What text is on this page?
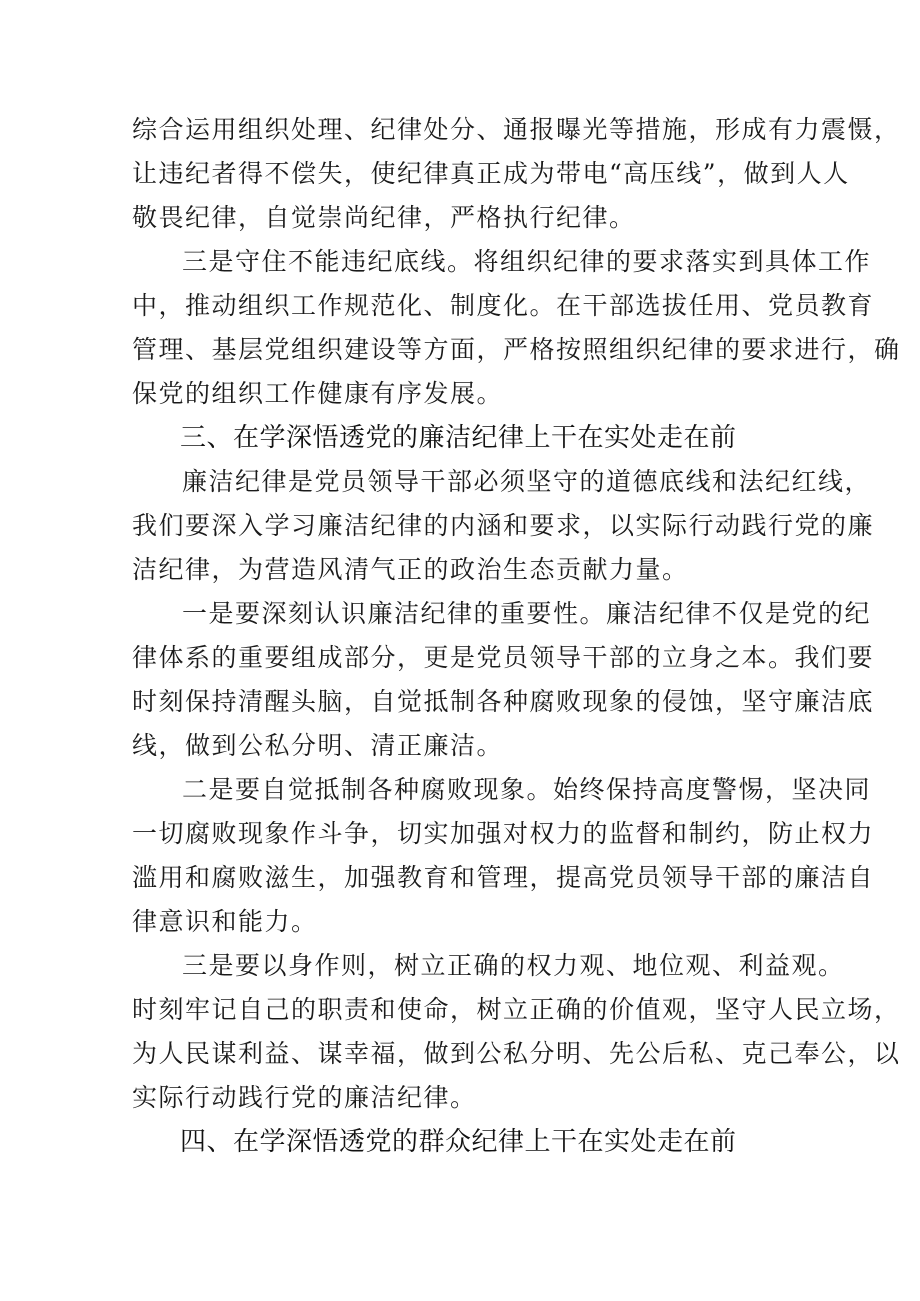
综合运用组织处理、纪律处分、通报曝光等措施，形成有力震慑，
让违纪者得不偿失，使纪律真正成为带电“高压线”，做到人人
敬畏纪律，自觉崇尚纪律，严格执行纪律。
三是守住不能违纪底线。将组织纪律的要求落实到具体工作
中，推动组织工作规范化、制度化。在干部选拔任用、党员教育
管理、基层党组织建设等方面，严格按照组织纪律的要求进行，确
保党的组织工作健康有序发展。
三、在学深悟透党的廉洁纪律上干在实处走在前
廉洁纪律是党员领导干部必须坚守的道德底线和法纪红线，
我们要深入学习廉洁纪律的内涵和要求，以实际行动践行党的廉
洁纪律，为营造风清气正的政治生态贡献力量。
一是要深刻认识廉洁纪律的重要性。廉洁纪律不仅是党的纪
律体系的重要组成部分，更是党员领导干部的立身之本。我们要
时刻保持清醒头脑，自觉抵制各种腐败现象的侵蚀，坚守廉洁底
线，做到公私分明、清正廉洁。
二是要自觉抵制各种腐败现象。始终保持高度警惕，坚决同
一切腐败现象作斗争，切实加强对权力的监督和制约，防止权力
滥用和腐败滋生，加强教育和管理，提高党员领导干部的廉洁自
律意识和能力。
三是要以身作则，树立正确的权力观、地位观、利益观。
时刻牢记自己的职责和使命，树立正确的价值观，坚守人民立场，
为人民谋利益、谋幸福，做到公私分明、先公后私、克己奉公，以
实际行动践行党的廉洁纪律。
四、在学深悟透党的群众纪律上干在实处走在前
